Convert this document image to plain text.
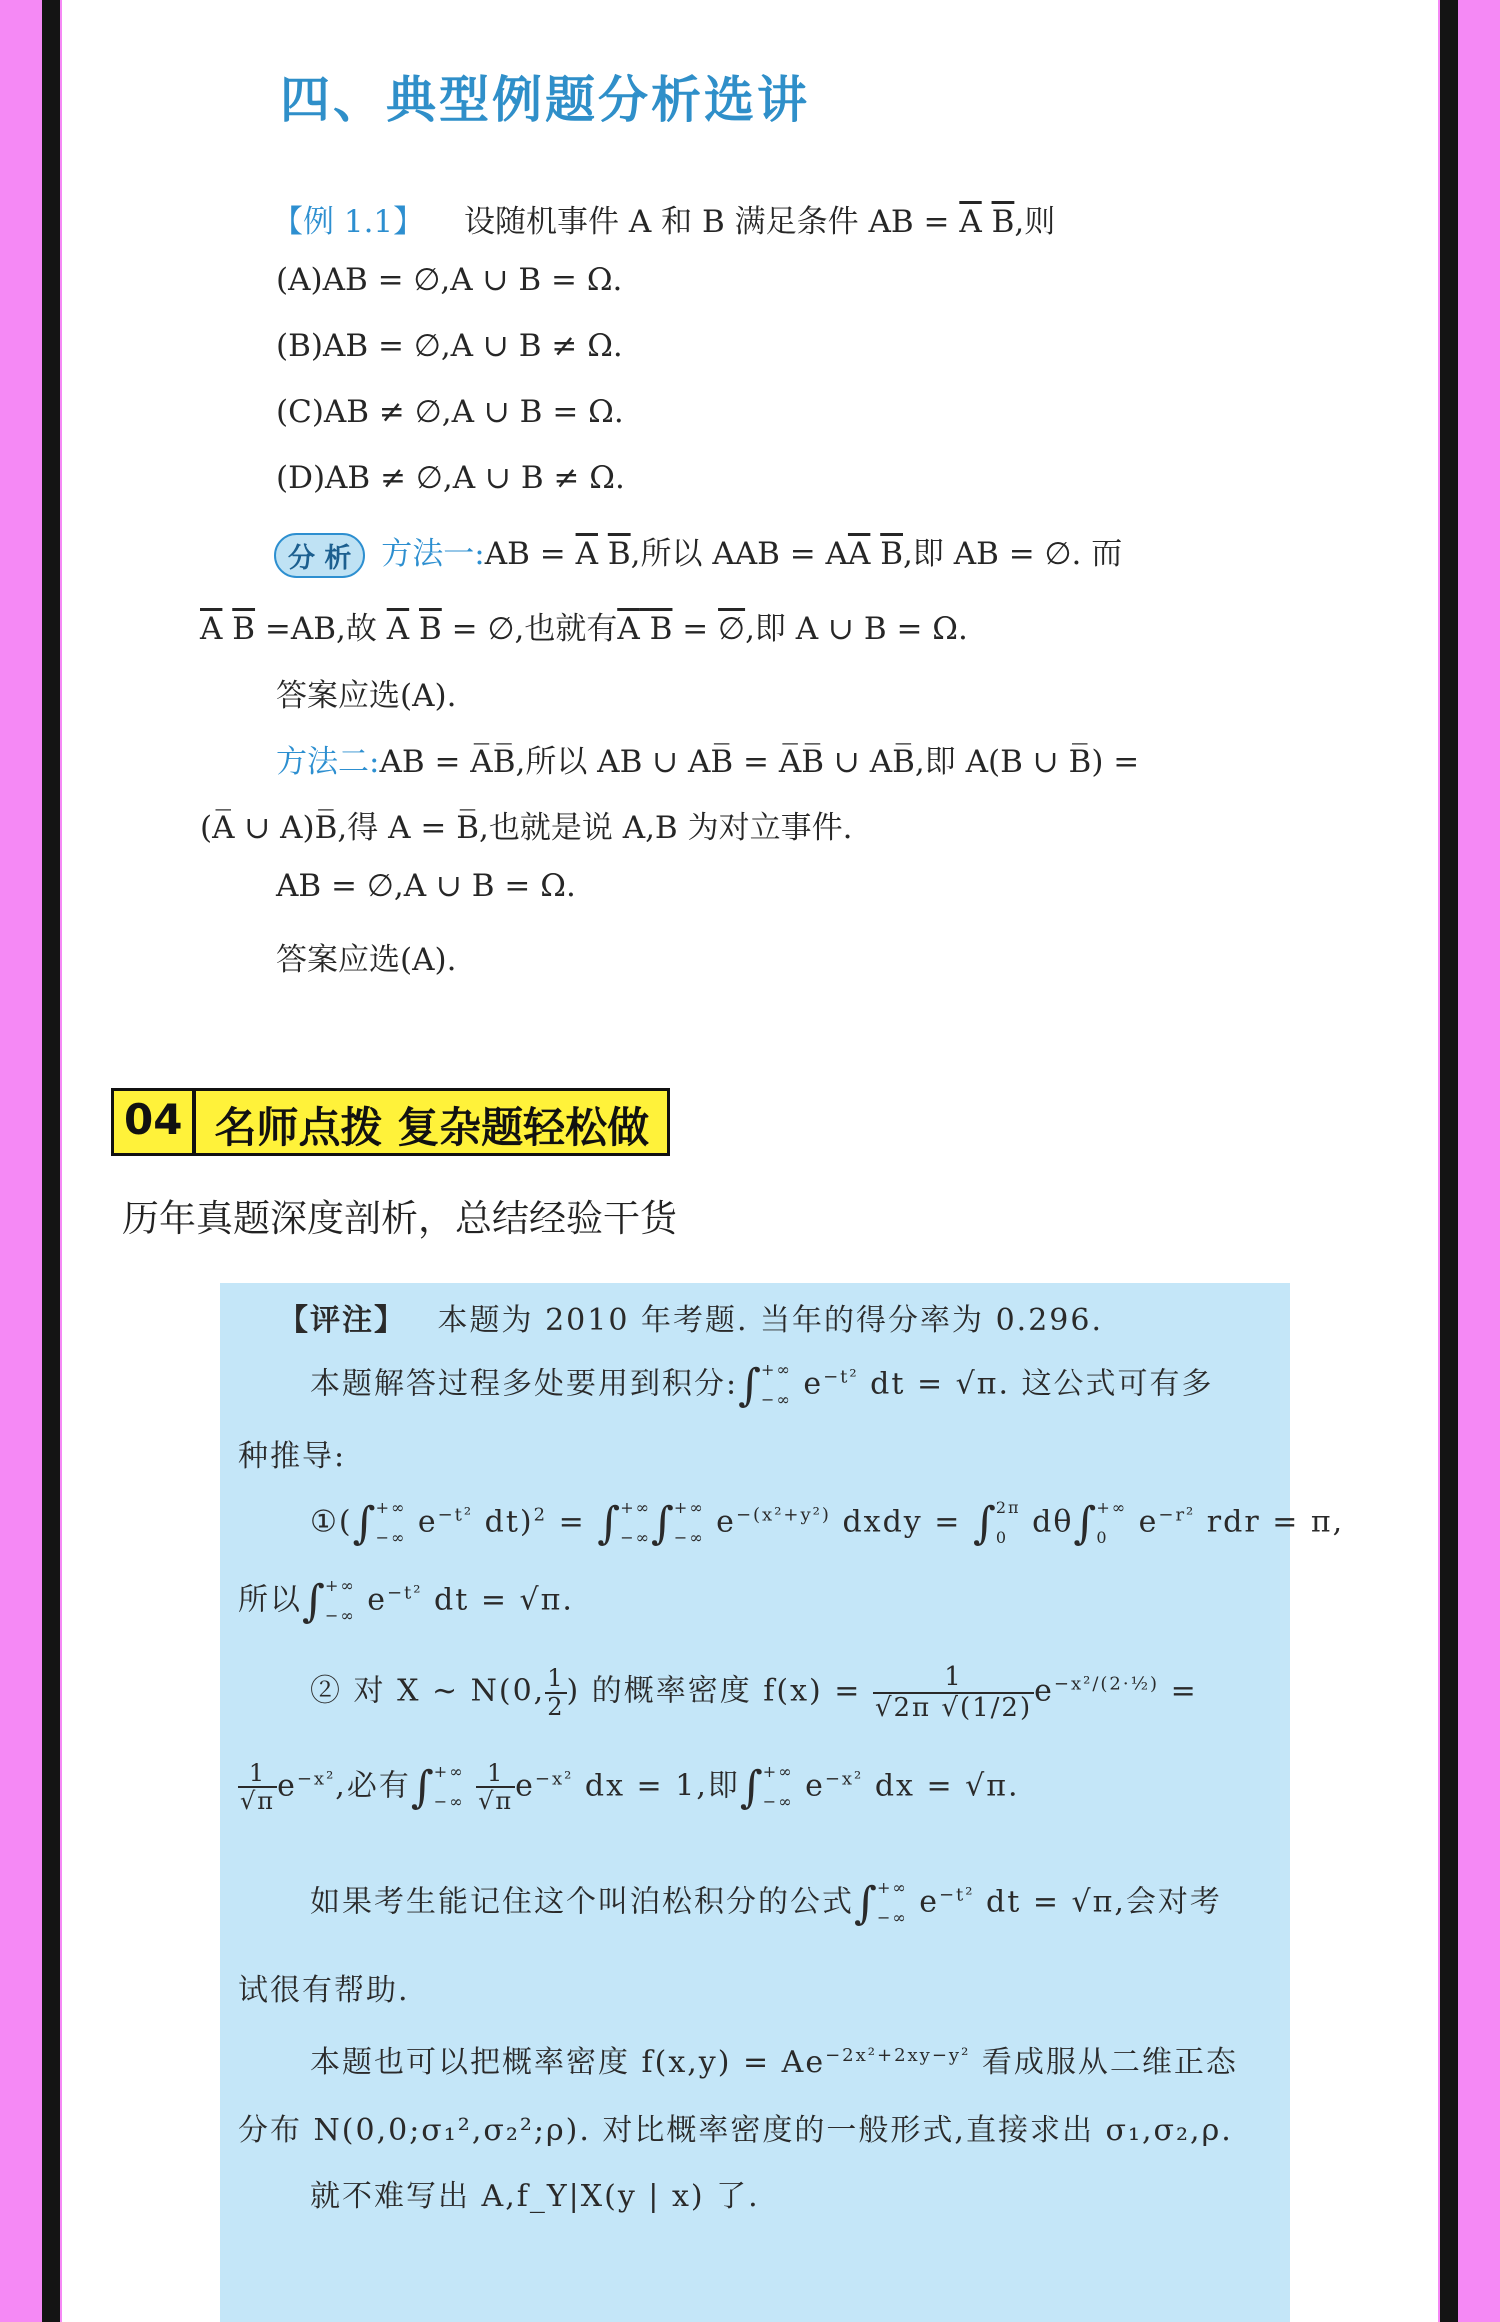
四、典型例题分析选讲
【例 1.1】 设随机事件 A 和 B 满足条件 AB = $\overline{A}$ $\overline{B}$,则
(A)AB = ∅,A ∪ B = Ω.
(B)AB = ∅,A ∪ B ≠ Ω.
(C)AB ≠ ∅,A ∪ B = Ω.
(D)AB ≠ ∅,A ∪ B ≠ Ω.
分 析 方法一:AB = $\overline{A}$ $\overline{B}$,所以 AAB = $A\overline{A}$ $\overline{B}$,即 AB = ∅. 而
$\overline{A}$ $\overline{B} =AB$,故 $\overline{A}$ $\overline{B}$ = ∅,也就有A B = ∅,即 A ∪ B = Ω.
答案应选(A).
方法二:AB = A̅B̅,所以 AB ∪ AB̅ = A̅B̅ ∪ AB̅,即 A(B ∪ B̅) =
(A̅ ∪ A)B̅,得 A = B̅,也就是说 A,B 为对立事件.
AB = ∅,A ∪ B = Ω.
答案应选(A).
04 名师点拨 复杂题轻松做
历年真题深度剖析，总结经验干货
【评注】 本题为 2010 年考题. 当年的得分率为 0.296.
本题解答过程多处要用到积分:∫
+∞
−∞ $e^{-t^2}$ dt = √π. 这公式可有多
种推导:
①(∫
+∞
−∞ $e^{-t^2}$ dt)$^2$ = ∫
+∞
−∞ ∫
+∞
−∞ $e^{-(x^2+y^2)}$ dxdy = ∫
2π
0 dθ∫
+∞
0 $e^{-r^2}$ rdr = π,
所以∫
+∞
−∞ $e^{-t^2}$ dt = √π.
② 对 X ∼ N(0, $\frac{1}{2}$ ) 的概率密度 $f(x) = \frac{1}{√2\pi √(1/2)} e^{-x^2/(2\cdot\frac{1}{2})}$ =
$\frac{1}{√\pi} e^{-x^2}$,必有∫
+∞
−∞
$\frac{1}{√\pi} e^{-x^2}$ dx = 1,即∫
+∞
−∞ $e^{-x^2}$ dx = √π.
如果考生能记住这个叫泊松积分的公式∫
+∞
−∞ $e^{-t^2}$ dt = √π,会对考
试很有帮助.
本题也可以把概率密度 $f(x,y) = Ae^{-2x^2+2xy-y^2}$ 看成服从二维正态
分布 N(0,0;σ₁²,σ₂²;ρ). 对比概率密度的一般形式,直接求出 σ₁,σ₂,ρ.
就不难写出 A,f_Y|X(y | x) 了.
